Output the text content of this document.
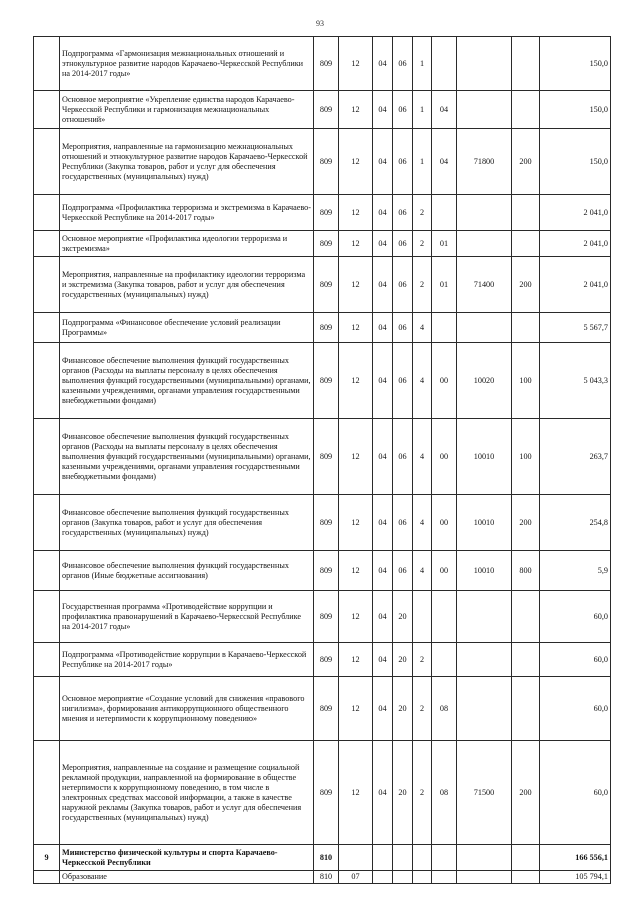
93
	Подпрограмма «Гармонизация межнациональных отношений и этнокультурное развитие народов Карачаево-Черкесской Республики на 2014-2017 годы»	809	12	04	06	1				150,0
	Основное мероприятие «Укрепление единства народов Карачаево-Черкесской Республики и гармонизация межнациональных отношений»	809	12	04	06	1	04			150,0
	Мероприятия, направленные на гармонизацию межнациональных отношений и этнокультурное развитие народов Карачаево-Черкесской Республики (Закупка товаров, работ и услуг для обеспечения государственных (муниципальных) нужд)	809	12	04	06	1	04	71800	200	150,0
	Подпрограмма «Профилактика терроризма и экстремизма в Карачаево-Черкесской Республике на 2014-2017 годы»	809	12	04	06	2				2 041,0
	Основное мероприятие «Профилактика идеологии терроризма и экстремизма»	809	12	04	06	2	01			2 041,0
	Мероприятия, направленные на профилактику идеологии терроризма и экстремизма (Закупка товаров, работ и услуг для обеспечения государственных (муниципальных) нужд)	809	12	04	06	2	01	71400	200	2 041,0
	Подпрограмма «Финансовое обеспечение условий реализации Программы»	809	12	04	06	4				5 567,7
	Финансовое обеспечение выполнения функций государственных органов (Расходы на выплаты персоналу в целях обеспечения выполнения функций государственными (муниципальными) органами, казенными учреждениями, органами управления государственными внебюджетными фондами)	809	12	04	06	4	00	10020	100	5 043,3
	Финансовое обеспечение выполнения функций государственных органов (Расходы на выплаты персоналу в целях обеспечения выполнения функций государственными (муниципальными) органами, казенными учреждениями, органами управления государственными внебюджетными фондами)	809	12	04	06	4	00	10010	100	263,7
	Финансовое обеспечение выполнения функций государственных органов (Закупка товаров, работ и услуг для обеспечения государственных (муниципальных) нужд)	809	12	04	06	4	00	10010	200	254,8
	Финансовое обеспечение выполнения функций государственных органов (Иные бюджетные ассигнования)	809	12	04	06	4	00	10010	800	5,9
	Государственная программа «Противодействие коррупции и профилактика правонарушений в Карачаево-Черкесской Республике на 2014-2017 годы»	809	12	04	20					60,0
	Подпрограмма «Противодействие коррупции в Карачаево-Черкесской Республике на 2014-2017 годы»	809	12	04	20	2				60,0
	Основное мероприятие «Создание условий для снижения «правового нигилизма», формирования антикоррупционного общественного мнения и нетерпимости к коррупционному поведению»	809	12	04	20	2	08			60,0
	Мероприятия, направленные на создание и размещение социальной рекламной продукции, направленной на формирование в обществе нетерпимости к коррупционному поведению, в том числе в электронных средствах массовой информации, а также в качестве наружной рекламы (Закупка товаров, работ и услуг для обеспечения государственных (муниципальных) нужд)	809	12	04	20	2	08	71500	200	60,0
9	Министерство физической культуры и спорта Карачаево-Черкесской Республики	810								166 556,1
	Образование	810	07							105 794,1
